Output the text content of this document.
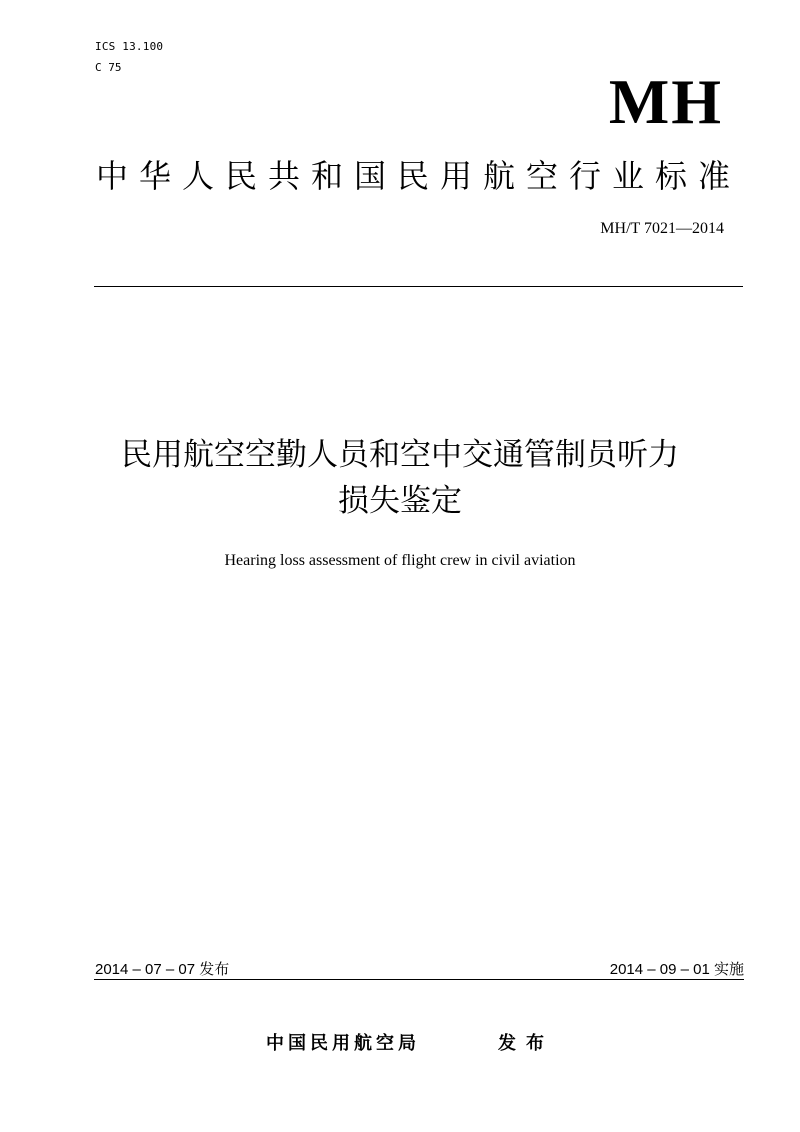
ICS 13.100
C 75	MH
中华人民共和国民用航空行业标准
MH/T 7021—2014
民用航空空勤人员和空中交通管制员听力
损失鉴定
Hearing loss assessment of flight crew in civil aviation
2014 – 07 – 07 发布	2014 – 09 – 01 实施
中国民用航空局	发布
